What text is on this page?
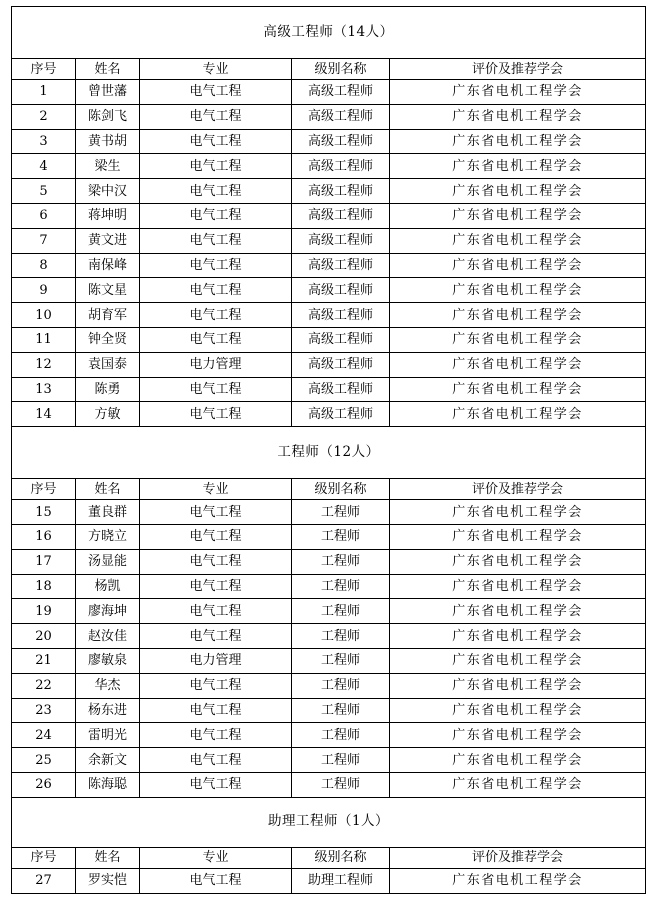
高级工程师（14人）				
序号	姓名	专业	级别名称	评价及推荐学会
1	曾世藩	电气工程	高级工程师	广东省电机工程学会
2	陈剑飞	电气工程	高级工程师	广东省电机工程学会
3	黄书胡	电气工程	高级工程师	广东省电机工程学会
4	梁生	电气工程	高级工程师	广东省电机工程学会
5	梁中汉	电气工程	高级工程师	广东省电机工程学会
6	蒋坤明	电气工程	高级工程师	广东省电机工程学会
7	黄文进	电气工程	高级工程师	广东省电机工程学会
8	南保峰	电气工程	高级工程师	广东省电机工程学会
9	陈文星	电气工程	高级工程师	广东省电机工程学会
10	胡育军	电气工程	高级工程师	广东省电机工程学会
11	钟全贤	电气工程	高级工程师	广东省电机工程学会
12	袁国泰	电力管理	高级工程师	广东省电机工程学会
13	陈勇	电气工程	高级工程师	广东省电机工程学会
14	方敏	电气工程	高级工程师	广东省电机工程学会
工程师（12人）				
序号	姓名	专业	级别名称	评价及推荐学会
15	董良群	电气工程	工程师	广东省电机工程学会
16	方晓立	电气工程	工程师	广东省电机工程学会
17	汤显能	电气工程	工程师	广东省电机工程学会
18	杨凯	电气工程	工程师	广东省电机工程学会
19	廖海坤	电气工程	工程师	广东省电机工程学会
20	赵汝佳	电气工程	工程师	广东省电机工程学会
21	廖敏泉	电力管理	工程师	广东省电机工程学会
22	华杰	电气工程	工程师	广东省电机工程学会
23	杨东进	电气工程	工程师	广东省电机工程学会
24	雷明光	电气工程	工程师	广东省电机工程学会
25	余新文	电气工程	工程师	广东省电机工程学会
26	陈海聪	电气工程	工程师	广东省电机工程学会
助理工程师（1人）				
序号	姓名	专业	级别名称	评价及推荐学会
27	罗实恺	电气工程	助理工程师	广东省电机工程学会
